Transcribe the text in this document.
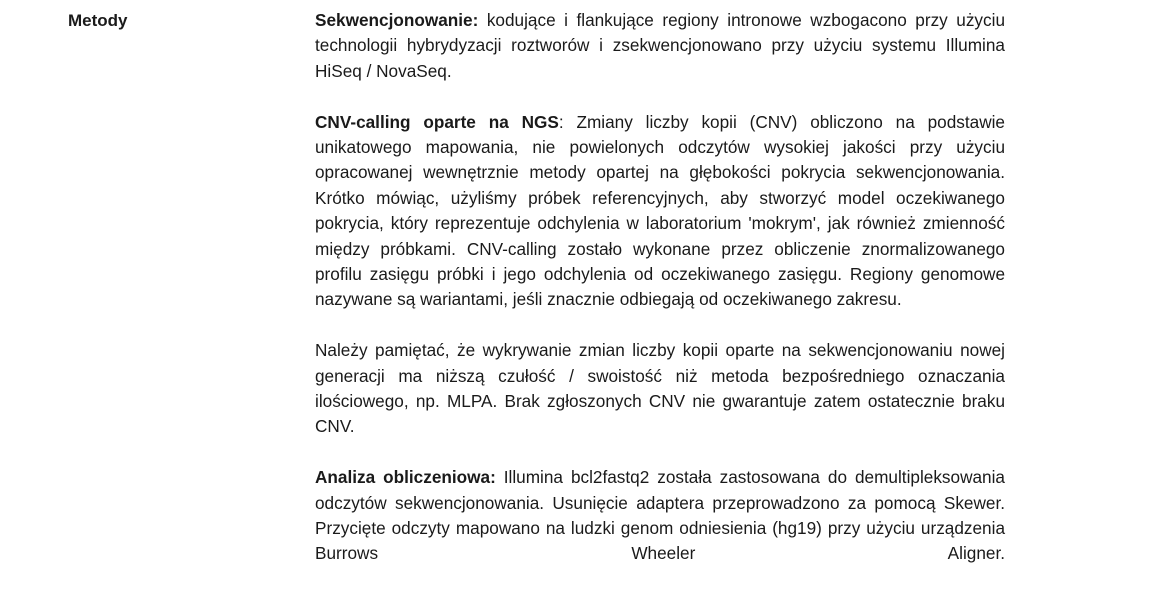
Metody	Sekwencjonowanie: kodujące i flankujące regiony intronowe wzbogacono przy użyciu technologii hybrydyzacji roztworów i zsekwencjonowano przy użyciu systemu Illumina HiSeq / NovaSeq.

CNV-calling oparte na NGS: Zmiany liczby kopii (CNV) obliczono na podstawie unikatowego mapowania, nie powielonych odczytów wysokiej jakości przy użyciu opracowanej wewnętrznie metody opartej na głębokości pokrycia sekwencjonowania. Krótko mówiąc, użyliśmy próbek referencyjnych, aby stworzyć model oczekiwanego pokrycia, który reprezentuje odchylenia w laboratorium 'mokrym', jak również zmienność między próbkami. CNV-calling zostało wykonane przez obliczenie znormalizowanego profilu zasięgu próbki i jego odchylenia od oczekiwanego zasięgu. Regiony genomowe nazywane są wariantami, jeśli znacznie odbiegają od oczekiwanego zakresu.

Należy pamiętać, że wykrywanie zmian liczby kopii oparte na sekwencjonowaniu nowej generacji ma niższą czułość / swoistość niż metoda bezpośredniego oznaczania ilościowego, np. MLPA. Brak zgłoszonych CNV nie gwarantuje zatem ostatecznie braku CNV.

Analiza obliczeniowa: Illumina bcl2fastq2 została zastosowana do demultipleksowania odczytów sekwencjonowania. Usunięcie adaptera przeprowadzono za pomocą Skewer. Przycięte odczyty mapowano na ludzki genom odniesienia (hg19) przy użyciu urządzenia Burrows Wheeler Aligner.
